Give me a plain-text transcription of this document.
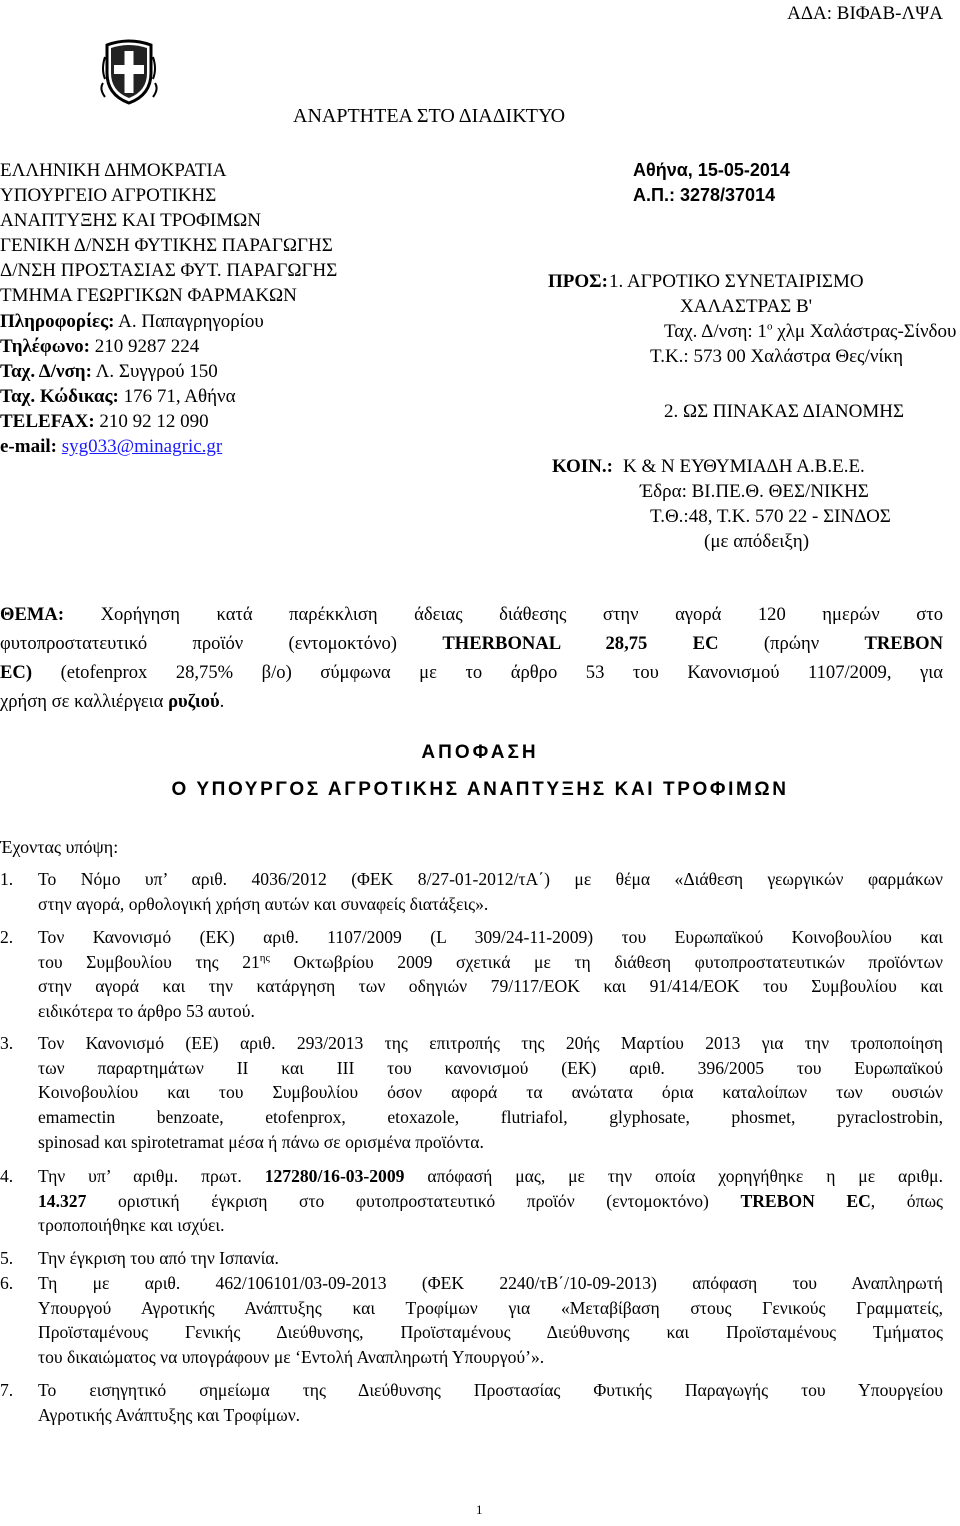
ΑΔΑ: ΒΙΦΑΒ-ΛΨΑ
ΑΝΑΡΤΗΤΕΑ ΣΤΟ ΔΙΑΔΙΚΤΥΟ
ΕΛΛΗΝΙΚΗ ΔΗΜΟΚΡΑΤΙΑ
ΥΠΟΥΡΓΕΙΟ ΑΓΡΟΤΙΚΗΣ
ΑΝΑΠΤΥΞΗΣ ΚΑΙ ΤΡΟΦΙΜΩΝ
ΓΕΝΙΚΗ Δ/ΝΣΗ ΦΥΤΙΚΗΣ ΠΑΡΑΓΩΓΗΣ
Δ/ΝΣΗ ΠΡΟΣΤΑΣΙΑΣ ΦΥΤ. ΠΑΡΑΓΩΓΗΣ
ΤΜΗΜΑ ΓΕΩΡΓΙΚΩΝ ΦΑΡΜΑΚΩΝ
Πληροφορίες: Α. Παπαγρηγορίου
Τηλέφωνο: 210 9287 224
Ταχ. Δ/νση: Λ. Συγγρού 150
Ταχ. Κώδικας: 176 71, Αθήνα
TELEFAX: 210 92 12 090
e-mail: syg033@minagric.gr
Αθήνα, 15-05-2014
Α.Π.: 3278/37014
ΠΡΟΣ: 1. ΑΓΡΟΤΙΚΟ ΣΥΝΕΤΑΙΡΙΣΜΟ
ΧΑΛΑΣΤΡΑΣ Β'
Ταχ. Δ/νση: $1^o$ χλμ Χαλάστρας-Σίνδου
Τ.Κ.: 573 00 Χαλάστρα Θες/νίκη
2. ΩΣ ΠΙΝΑΚΑΣ ΔΙΑΝΟΜΗΣ
ΚΟΙΝ.: Κ & Ν ΕΥΘΥΜΙΑΔΗ Α.Β.Ε.Ε.
Έδρα: ΒΙ.ΠΕ.Θ. ΘΕΣ/ΝΙΚΗΣ
Τ.Θ.:48, Τ.Κ. 570 22 - ΣΙΝΔΟΣ
(με απόδειξη)
ΘΕΜΑ: Χορήγηση κατά παρέκκλιση άδειας διάθεσης στην αγορά 120 ημερών στο
φυτοπροστατευτικό προϊόν (εντομοκτόνο) THERBONAL 28,75 EC (πρώην TREBON
EC) (etofenprox 28,75% β/ο) σύμφωνα με το άρθρο 53 του Κανονισμού 1107/2009, για
χρήση σε καλλιέργεια ρυζιού.
ΑΠΟΦΑΣΗ
Ο ΥΠΟΥΡΓΟΣ ΑΓΡΟΤΙΚΗΣ ΑΝΑΠΤΥΞΗΣ ΚΑΙ ΤΡΟΦΙΜΩΝ
Έχοντας υπόψη:
1. Το Νόμο υπ’ αριθ. 4036/2012 (ΦΕΚ 8/27-01-2012/τΑ΄) με θέμα «Διάθεση γεωργικών φαρμάκων
στην αγορά, ορθολογική χρήση αυτών και συναφείς διατάξεις».
2. Τον Κανονισμό (ΕΚ) αριθ. 1107/2009 (L 309/24-11-2009) του Ευρωπαϊκού Κοινοβουλίου και
του Συμβουλίου της $21^{\eta\varsigma}$ Οκτωβρίου 2009 σχετικά με τη διάθεση φυτοπροστατευτικών προϊόντων
στην αγορά και την κατάργηση των οδηγιών 79/117/ΕΟΚ και 91/414/ΕΟΚ του Συμβουλίου και
ειδικότερα το άρθρο 53 αυτού.
3. Τον Κανονισμό (ΕΕ) αριθ. 293/2013 της επιτροπής της 20ής Μαρτίου 2013 για την τροποποίηση
των παραρτημάτων II και III του κανονισμού (ΕΚ) αριθ. 396/2005 του Ευρωπαϊκού
Κοινοβουλίου και του Συμβουλίου όσον αφορά τα ανώτατα όρια καταλοίπων των ουσιών
emamectin benzoate, etofenprox, etoxazole, flutriafol, glyphosate, phosmet, pyraclostrobin,
spinosad και spirotetramat μέσα ή πάνω σε ορισμένα προϊόντα.
4. Την υπ’ αριθμ. πρωτ. 127280/16-03-2009 απόφασή μας, με την οποία χορηγήθηκε η με αριθμ.
14.327 οριστική έγκριση στο φυτοπροστατευτικό προϊόν (εντομοκτόνο) TREBON EC, όπως
τροποποιήθηκε και ισχύει.
5. Την έγκριση του από την Ισπανία.
6. Τη με αριθ. 462/106101/03-09-2013 (ΦΕΚ 2240/τΒ΄/10-09-2013) απόφαση του Αναπληρωτή
Υπουργού Αγροτικής Ανάπτυξης και Τροφίμων για «Μεταβίβαση στους Γενικούς Γραμματείς,
Προϊσταμένους Γενικής Διεύθυνσης, Προϊσταμένους Διεύθυνσης και Προϊσταμένους Τμήματος
του δικαιώματος να υπογράφουν με ‘Εντολή Αναπληρωτή Υπουργού’».
7. Το εισηγητικό σημείωμα της Διεύθυνσης Προστασίας Φυτικής Παραγωγής του Υπουργείου
Αγροτικής Ανάπτυξης και Τροφίμων.
1
